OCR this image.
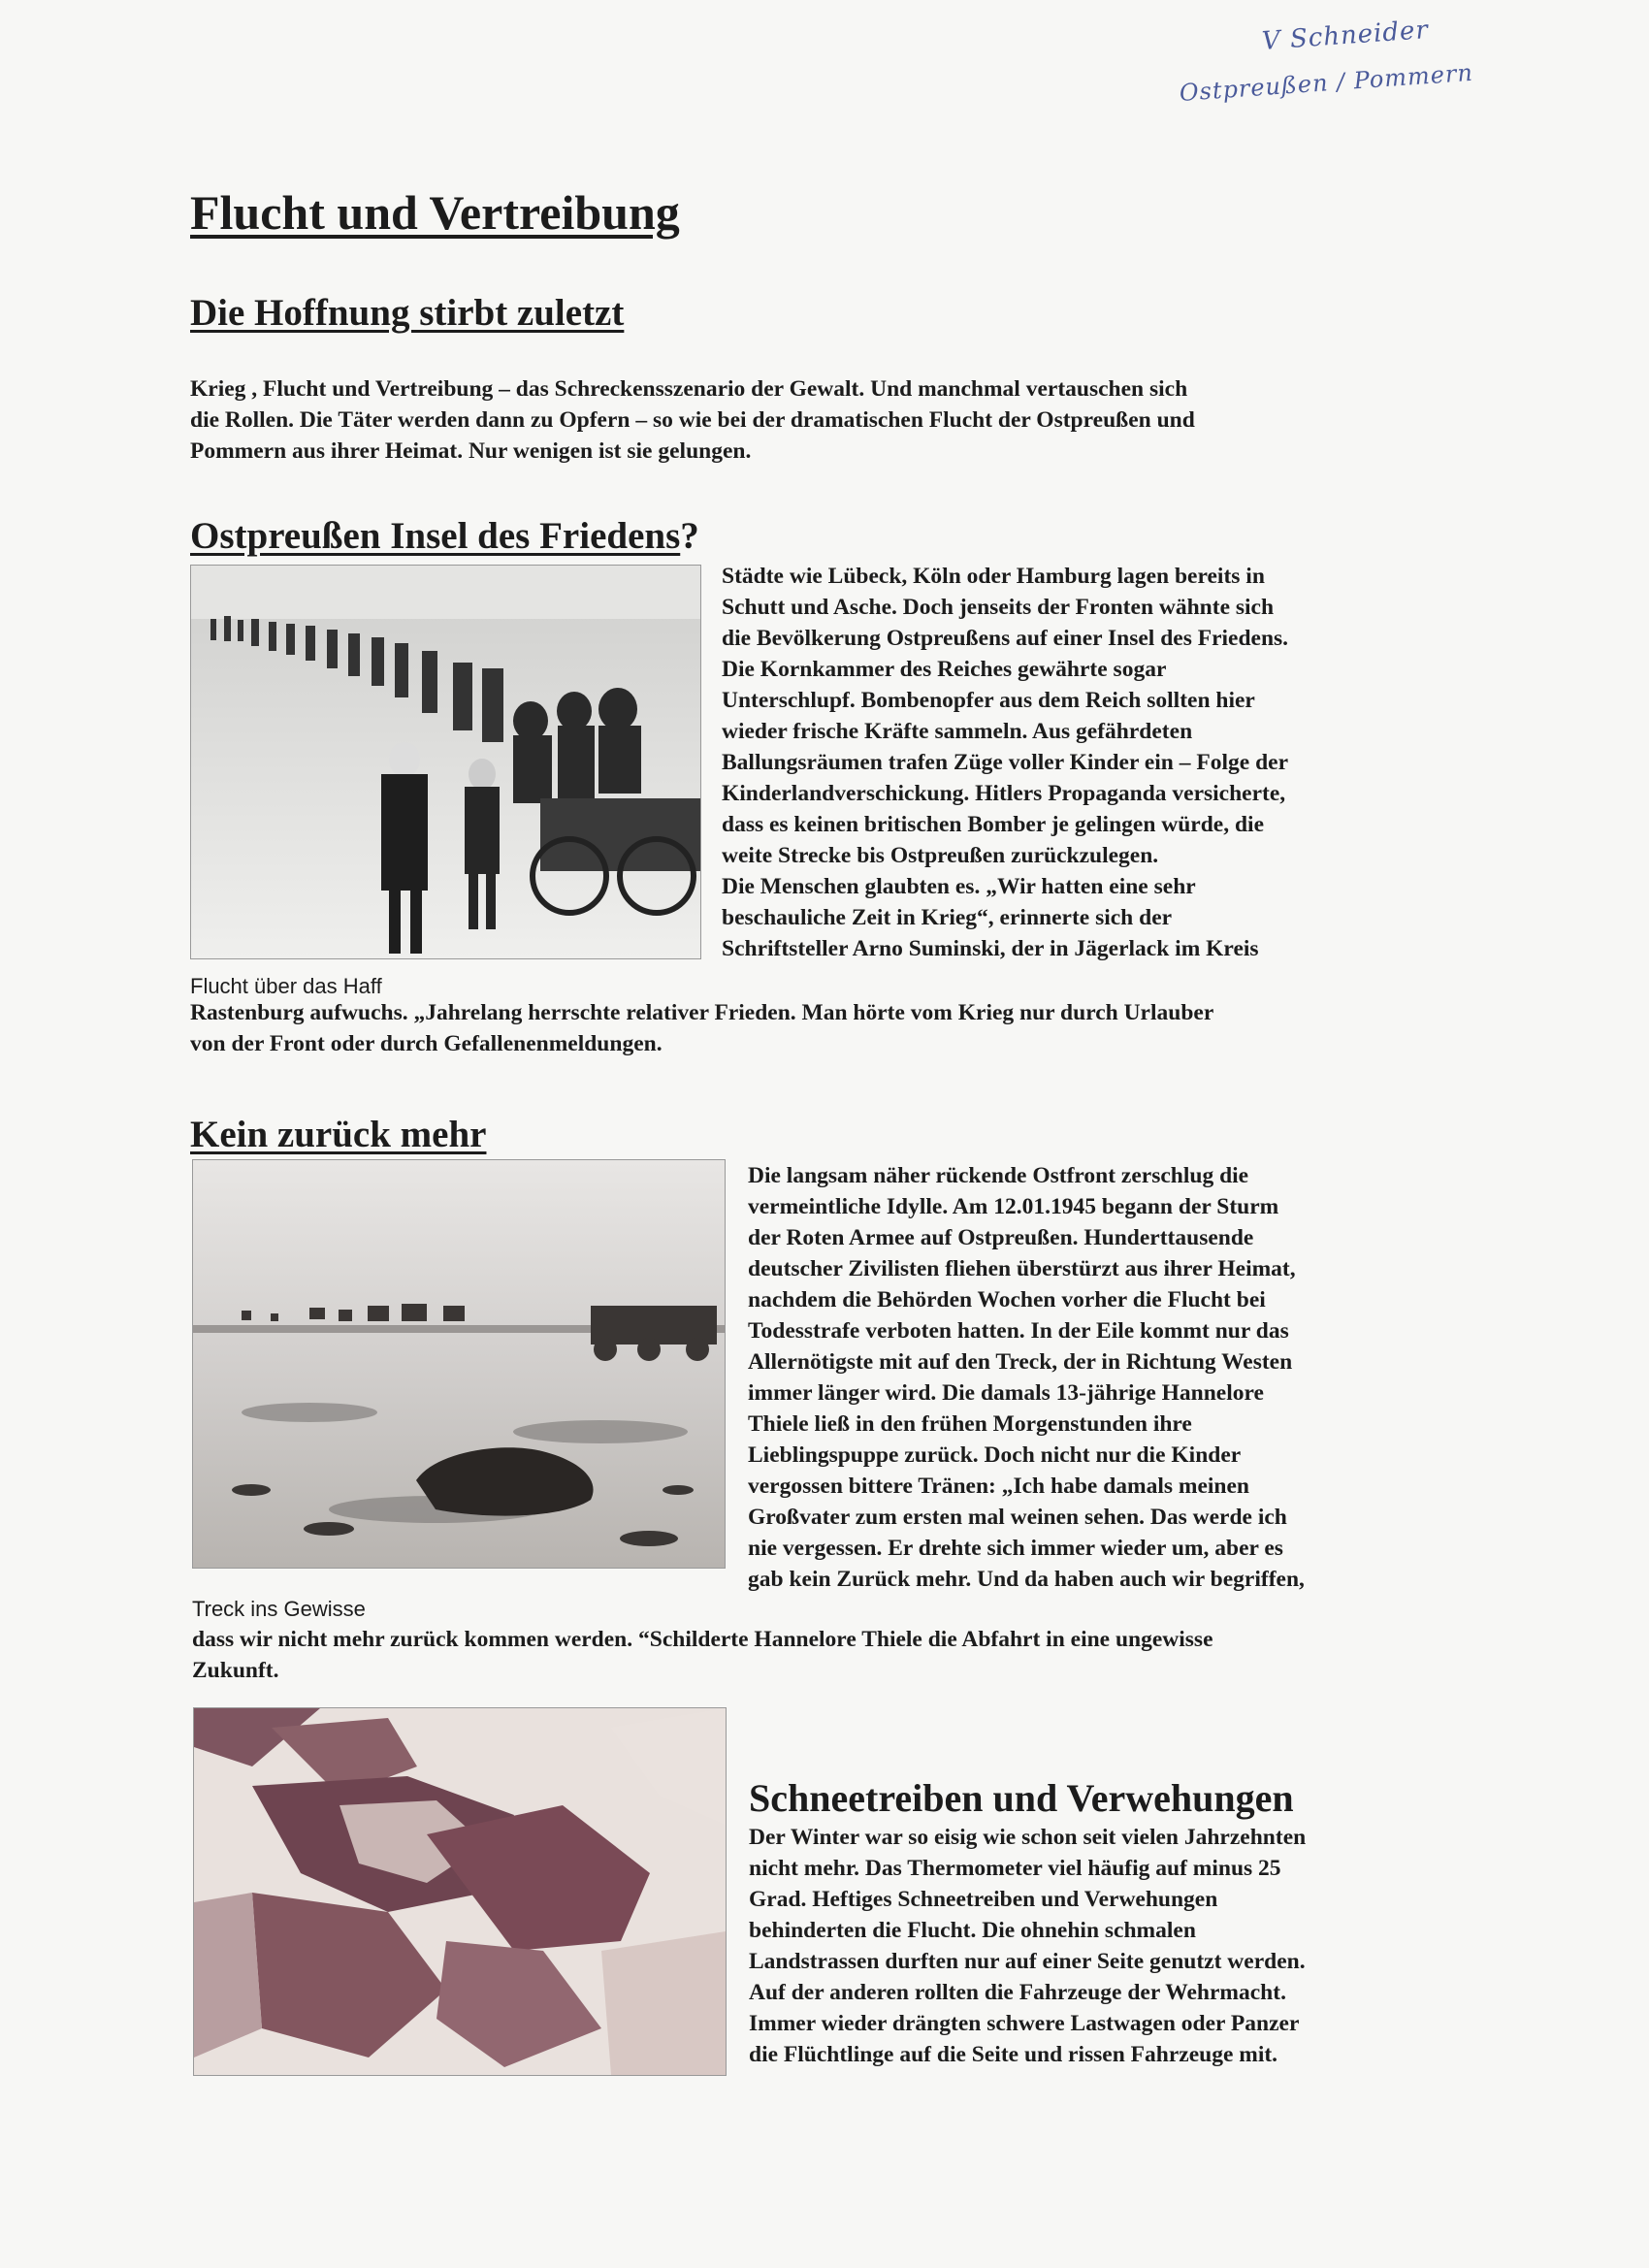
V Schneider
Ostpreußen / Pommern
Flucht und Vertreibung
Die Hoffnung stirbt zuletzt
Krieg , Flucht und Vertreibung – das Schreckensszenario der Gewalt. Und manchmal vertauschen sich
die Rollen. Die Täter werden dann zu Opfern – so wie bei der dramatischen Flucht der Ostpreußen und
Pommern aus ihrer Heimat. Nur wenigen ist sie gelungen.
Ostpreußen Insel des Friedens?
Städte wie Lübeck, Köln oder Hamburg lagen bereits in
Schutt und Asche. Doch jenseits der Fronten wähnte sich
die Bevölkerung Ostpreußens auf einer Insel des Friedens.
Die Kornkammer des Reiches gewährte sogar
Unterschlupf. Bombenopfer aus dem Reich sollten hier
wieder frische Kräfte sammeln. Aus gefährdeten
Ballungsräumen trafen Züge voller Kinder ein – Folge der
Kinderlandverschickung. Hitlers Propaganda versicherte,
dass es keinen britischen Bomber je gelingen würde, die
weite Strecke bis Ostpreußen zurückzulegen.
Die Menschen glaubten es. „Wir hatten eine sehr
beschauliche Zeit in Krieg“, erinnerte sich der
Schriftsteller Arno Suminski, der in Jägerlack im Kreis
Flucht über das Haff
Rastenburg aufwuchs. „Jahrelang herrschte relativer Frieden. Man hörte vom Krieg nur durch Urlauber
von der Front oder durch Gefallenenmeldungen.
Kein zurück mehr
Die langsam näher rückende Ostfront zerschlug die
vermeintliche Idylle. Am 12.01.1945 begann der Sturm
der Roten Armee auf Ostpreußen. Hunderttausende
deutscher Zivilisten fliehen überstürzt aus ihrer Heimat,
nachdem die Behörden Wochen vorher die Flucht bei
Todesstrafe verboten hatten. In der Eile kommt nur das
Allernötigste mit auf den Treck, der in Richtung Westen
immer länger wird. Die damals 13-jährige Hannelore
Thiele ließ in den frühen Morgenstunden ihre
Lieblingspuppe zurück. Doch nicht nur die Kinder
vergossen bittere Tränen: „Ich habe damals meinen
Großvater zum ersten mal weinen sehen. Das werde ich
nie vergessen. Er drehte sich immer wieder um, aber es
gab kein Zurück mehr. Und da haben auch wir begriffen,
Treck ins Gewisse
dass wir nicht mehr zurück kommen werden. “Schilderte Hannelore Thiele die Abfahrt in eine ungewisse
Zukunft.
Schneetreiben und Verwehungen
Der Winter war so eisig wie schon seit vielen Jahrzehnten
nicht mehr. Das Thermometer viel häufig auf minus 25
Grad. Heftiges Schneetreiben und Verwehungen
behinderten die Flucht. Die ohnehin schmalen
Landstrassen durften nur auf einer Seite genutzt werden.
Auf der anderen rollten die Fahrzeuge der Wehrmacht.
Immer wieder drängten schwere Lastwagen oder Panzer
die Flüchtlinge auf die Seite und rissen Fahrzeuge mit.
